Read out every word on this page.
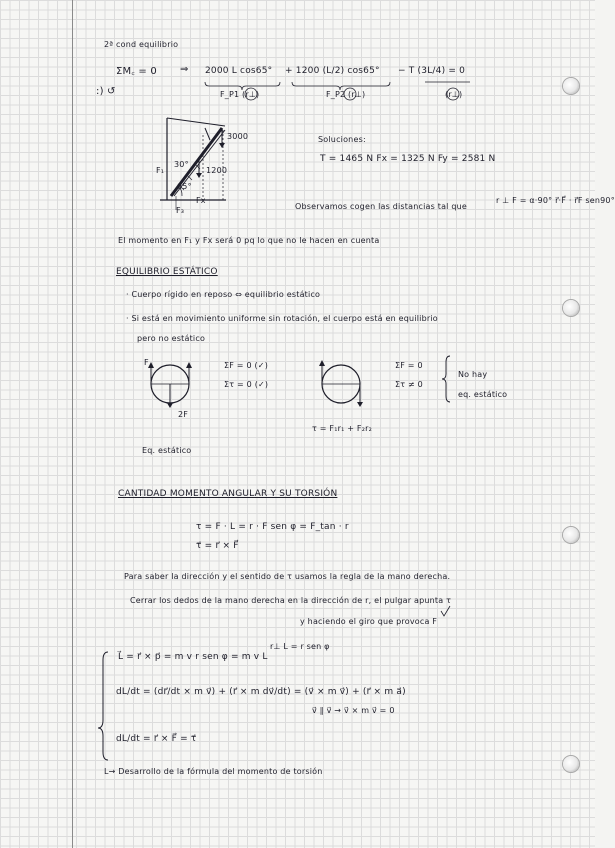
2ª cond equilibrio
ΣM꜀ = 0 ⇒ 2000 L cos65° + 1200 (L/2) cos65° − T (3L/4) = 0
F_P1 (r⊥)	F_P2 (r⊥)	(r⊥)
:) ↺
3000
1200
65°
30°
F₁
F₃
Fx
Soluciones:
T = 1465 N Fx = 1325 N Fy = 2581 N
Observamos cogen las distancias tal que
r ⊥ F = α·90° r⃗·F⃗ · r⃗F sen90°
El momento en F₁ y Fx será 0 pq lo que no le hacen en cuenta
EQUILIBRIO ESTÁTICO
· Cuerpo rígido en reposo ⇔ equilibrio estático
· Si está en movimiento uniforme sin rotación, el cuerpo está en equilibrio
pero no estático
F
2F
ΣF = 0 (✓)
Στ = 0 (✓)
ΣF = 0
Στ ≠ 0
No hay
eq. estático
τ = F₁r₁ + F₂r₂
Eq. estático
CANTIDAD MOMENTO ANGULAR Y SU TORSIÓN
τ = F · L = r · F sen φ = F_tan · r
τ⃗ = r⃗ × F⃗
Para saber la dirección y el sentido de τ usamos la regla de la mano derecha.
Cerrar los dedos de la mano derecha en la dirección de r, el pulgar apunta τ
y haciendo el giro que provoca F
r⊥ L = r sen φ
L⃗ = r⃗ × p⃗ = m v r sen φ = m v L
dL/dt = (dr⃗/dt × m v⃗) + (r⃗ × m dv⃗/dt) = (v⃗ × m v⃗) + (r⃗ × m a⃗)
v⃗ ∥ v⃗ → v⃗ × m v⃗ = 0
dL/dt = r⃗ × F⃗ = τ⃗
L→ Desarrollo de la fórmula del momento de torsión
